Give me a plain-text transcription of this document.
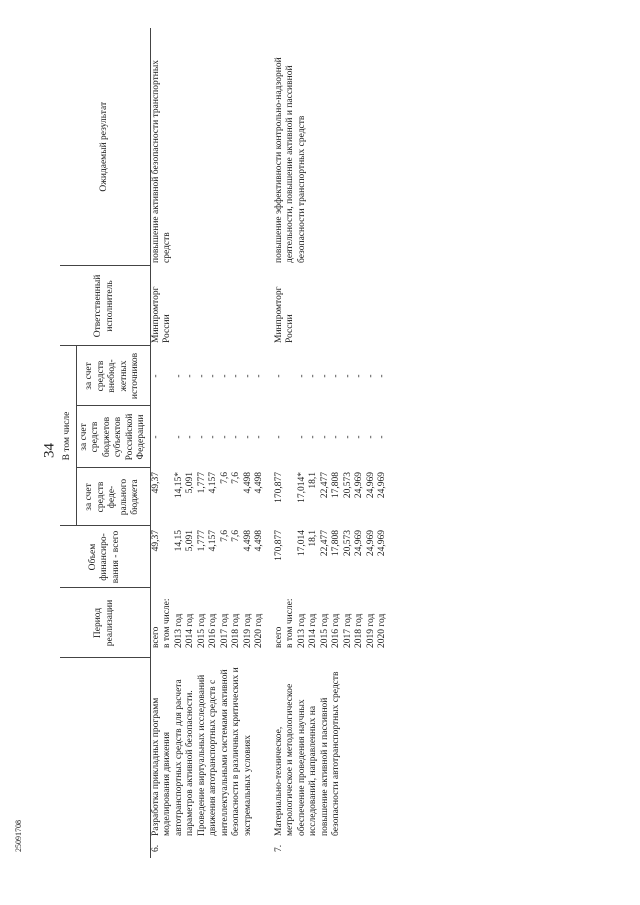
34
25091708
		Период реализации	Объем финансиро-вания - всего	В том числе			Ответственный исполнитель	Ожидаемый результат
				за счет средств феде-рального бюджета	за счет средств бюджетов субъектов Российской Федерации	за счет средств внебюд-жетных источников		
6.	Разработка прикладных программ моделирования движения автотранспортных средств для расчета параметров активной безопасности. Проведение виртуальных исследований движения автотранспортных средств с интеллектуальными системами активной безопасности в различных критических и экстремальных условиях	всего	49,37	49,37	-	-	Минпромторг России	повышение активной безопасности транспортных средств
		в том числе:						
		2013 год	14,15	14,15*	-	-		
		2014 год	5,091	5,091	-	-		
		2015 год	1,777	1,777	-	-		
		2016 год	4,157	4,157	-	-		
		2017 год	7,6	7,6	-	-		
		2018 год	7,6	7,6	-	-		
		2019 год	4,498	4,498	-	-		
		2020 год	4,498	4,498	-	-		

7.	Материально-техническое, метрологическое и методологическое обеспечение проведения научных исследований, направленных на повышение активной и пассивной безопасности автотранспортных средств	всего	170,877	170,877	-	-	Минпромторг России	повышение эффективности контрольно-надзорной деятельности, повышение активной и пассивной безопасности транспортных средств
		в том числе:						
		2013 год	17,014	17,014*	-	-		
		2014 год	18,1	18,1	-	-		
		2015 год	22,477	22,477	-	-		
		2016 год	17,808	17,808	-	-		
		2017 год	20,573	20,573	-	-		
		2018 год	24,969	24,969	-	-		
		2019 год	24,969	24,969	-	-		
		2020 год	24,969	24,969	-	-		
